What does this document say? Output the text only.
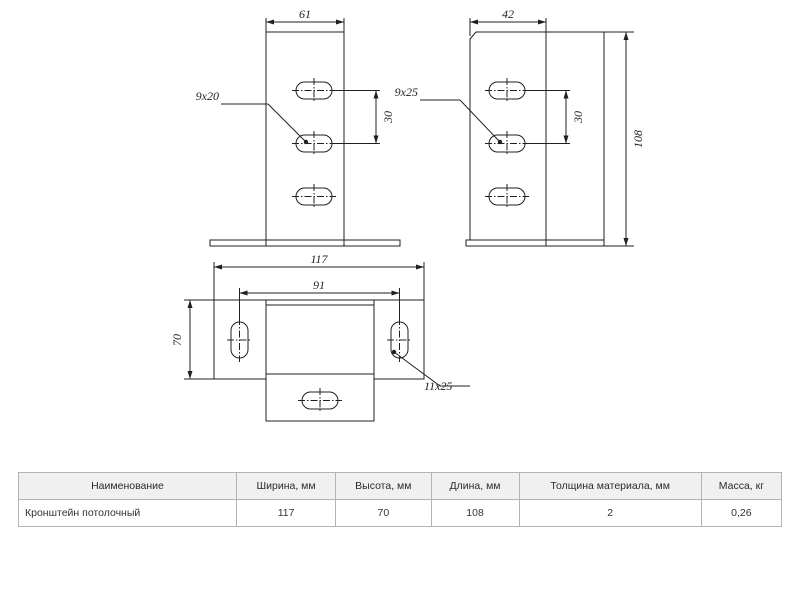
61
30
9x20
42
30
108
9x25
117
91
70
11x25
Наименование	Ширина, мм	Высота, мм	Длина, мм	Толщина материала, мм	Масса, кг
Кронштейн потолочный	117	70	108	2	0,26
